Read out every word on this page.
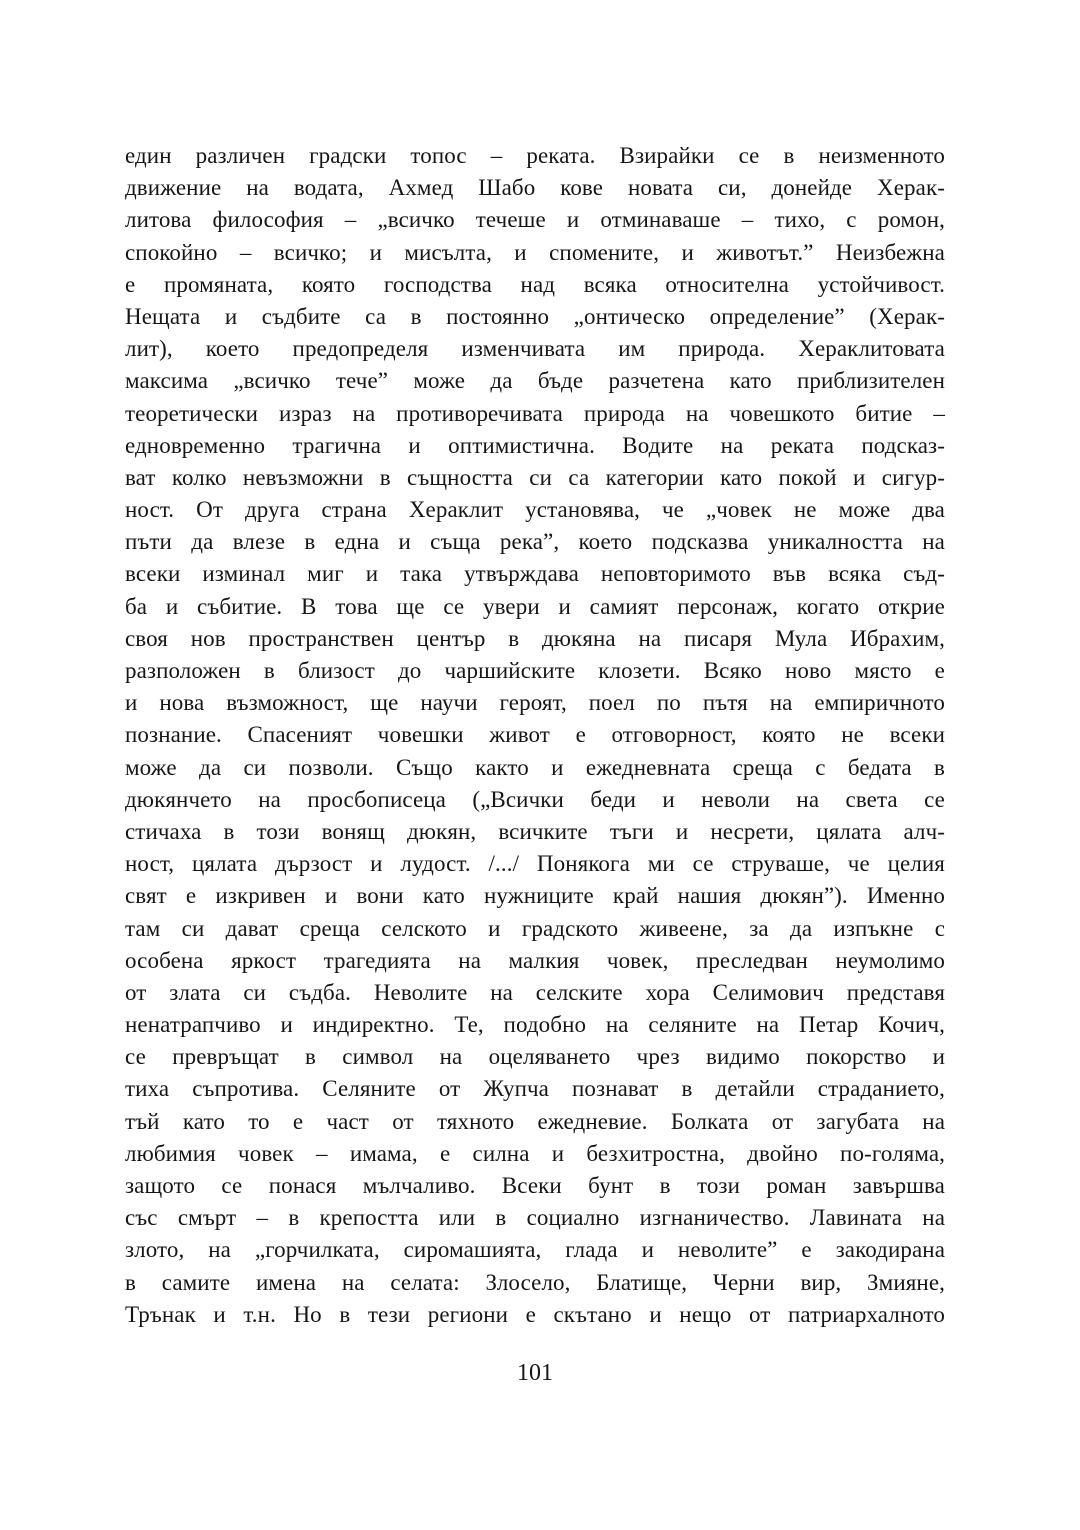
един различен градски топос – реката. Взирайки се в неизменното
движение на водата, Ахмед Шабо кове новата си, донейде Херак-
литова философия – „всичко течеше и отминаваше – тихо, с ромон,
спокойно – всичко; и мисълта, и спомените, и животът.” Неизбежна
е промяната, която господства над всяка относителна устойчивост.
Нещата и съдбите са в постоянно „онтическо определение” (Херак-
лит), което предопределя изменчивата им природа. Хераклитовата
максима „всичко тече” може да бъде разчетена като приблизителен
теоретически израз на противоречивата природа на човешкото битие –
едновременно трагична и оптимистична. Водите на реката подсказ-
ват колко невъзможни в същността си са категории като покой и сигур-
ност. От друга страна Хераклит установява, че „човек не може два
пъти да влезе в една и съща река”, което подсказва уникалността на
всеки изминал миг и така утвърждава неповторимото във всяка съд-
ба и събитие. В това ще се увери и самият персонаж, когато открие
своя нов пространствен център в дюкяна на писаря Мула Ибрахим,
разположен в близост до чаршийските клозети. Всяко ново място е
и нова възможност, ще научи героят, поел по пътя на емпиричното
познание. Спасеният човешки живот е отговорност, която не всеки
може да си позволи. Също както и ежедневната среща с бедата в
дюкянчето на просбописеца („Всички беди и неволи на света се
стичаха в този вонящ дюкян, всичките тъги и несрети, цялата алч-
ност, цялата дързост и лудост. /.../ Понякога ми се струваше, че целия
свят е изкривен и вони като нужниците край нашия дюкян”). Именно
там си дават среща селското и градското живеене, за да изпъкне с
особена яркост трагедията на малкия човек, преследван неумолимо
от злата си съдба. Неволите на селските хора Селимович представя
ненатрапчиво и индиректно. Те, подобно на селяните на Петар Кочич,
се превръщат в символ на оцеляването чрез видимо покорство и
тиха съпротива. Селяните от Жупча познават в детайли страданието,
тъй като то е част от тяхното ежедневие. Болката от загубата на
любимия човек – имама, е силна и безхитростна, двойно по-голяма,
защото се понася мълчаливо. Всеки бунт в този роман завършва
със смърт – в крепостта или в социално изгнаничество. Лавината на
злото, на „горчилката, сиромашията, глада и неволите” е закодирана
в самите имена на селата: Злосело, Блатище, Черни вир, Змияне,
Трънак и т.н. Но в тези региони е скътано и нещо от патриархалното
101
